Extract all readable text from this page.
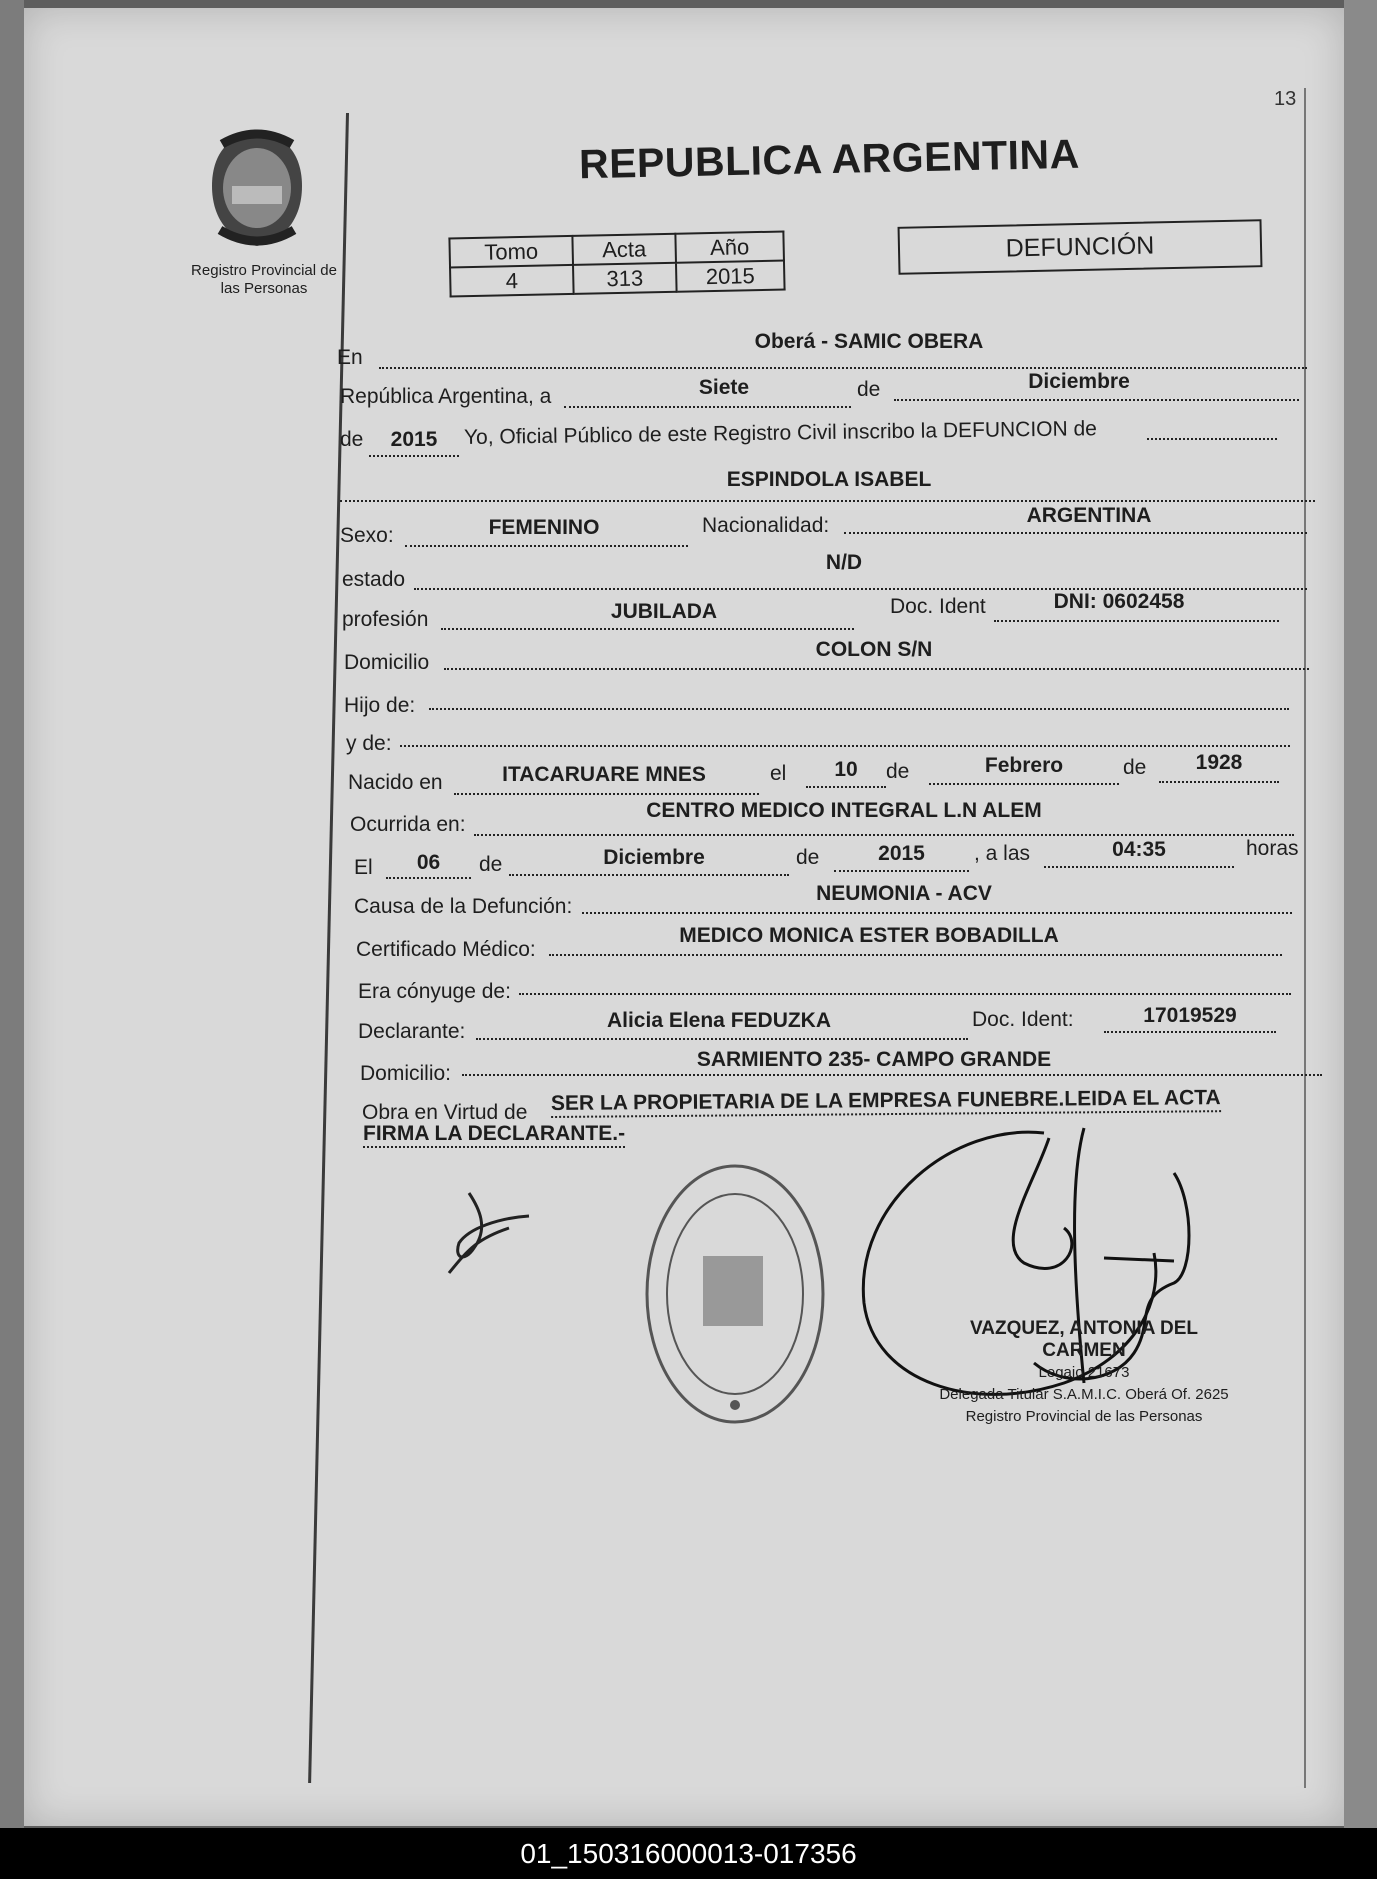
13
Registro Provincial de
las Personas
REPUBLICA ARGENTINA
Tomo	Acta	Año
4	313	2015
DEFUNCIÓN
En
Oberá - SAMIC OBERA
República Argentina, a	Siete	de	Diciembre
de	2015	Yo, Oficial Público de este Registro Civil inscribo la DEFUNCION de
ESPINDOLA ISABEL
Sexo:	FEMENINO	Nacionalidad:	ARGENTINA
estado
N/D
profesión	JUBILADA	Doc. Ident	DNI: 0602458
Domicilio
COLON S/N
Hijo de:
y de:
Nacido en	ITACARUARE MNES	el	10	de	Febrero	de	1928
Ocurrida en:
CENTRO MEDICO INTEGRAL L.N ALEM
El	06	de	Diciembre	de	2015	, a las	04:35	horas
Causa de la Defunción:
NEUMONIA - ACV
Certificado Médico:
MEDICO MONICA ESTER BOBADILLA
Era cónyuge de:
Declarante:	Alicia Elena FEDUZKA	Doc. Ident:	17019529
Domicilio:
SARMIENTO 235- CAMPO GRANDE
Obra en Virtud de SER LA PROPIETARIA DE LA EMPRESA FUNEBRE.LEIDA EL ACTA
FIRMA LA DECLARANTE.-
VAZQUEZ, ANTONIA DEL CARMEN
Legajo 21673
Delegada Titular S.A.M.I.C. Oberá Of. 2625
Registro Provincial de las Personas
01_150316000013-017356
